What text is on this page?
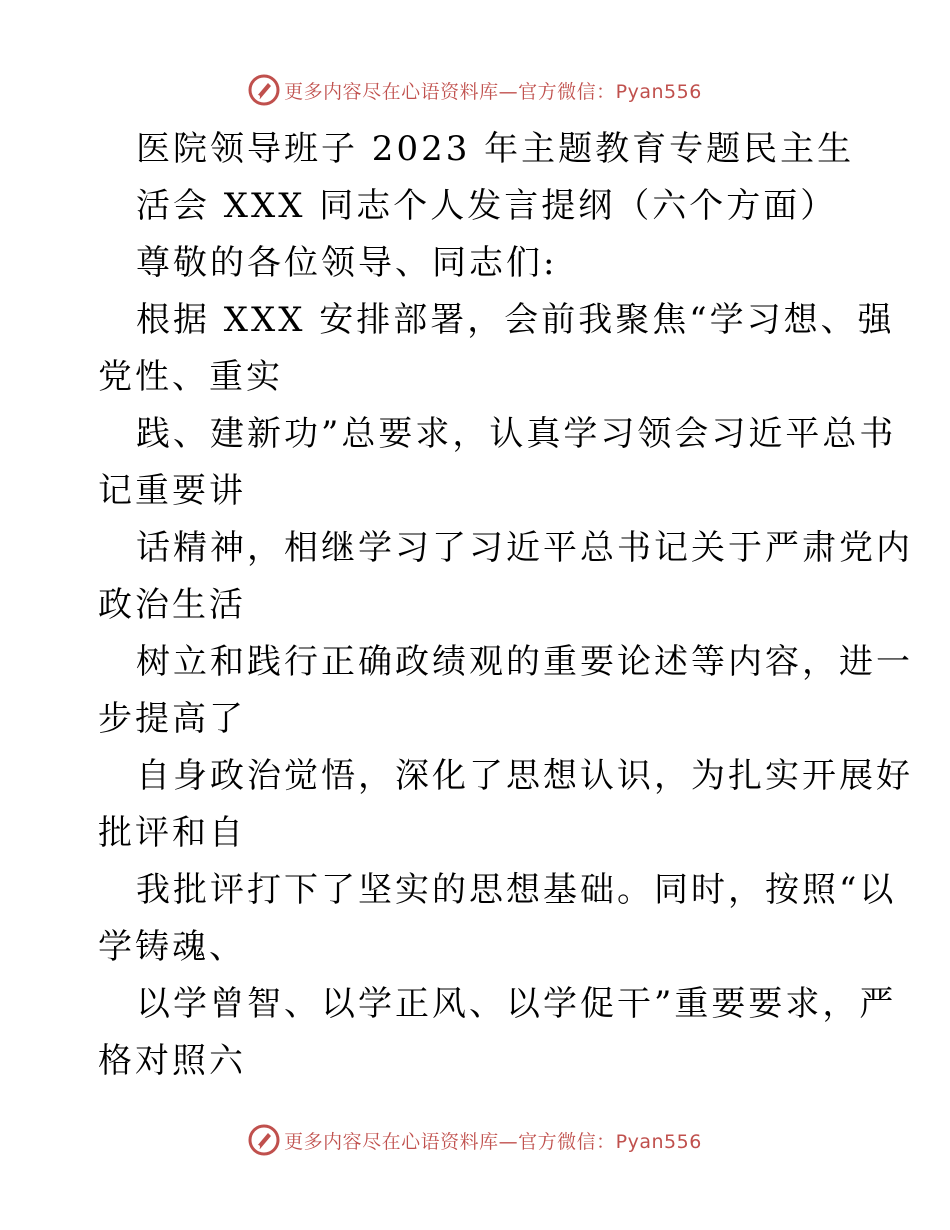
更多内容尽在心语资料库—官方微信：Pyan556
医院领导班子 2023 年主题教育专题民主生
活会 XXX 同志个人发言提纲（六个方面）
尊敬的各位领导、同志们:
根据 XXX 安排部署，会前我聚焦“学习想、强
党性、重实
践、建新功”总要求，认真学习领会习近平总书
记重要讲
话精神，相继学习了习近平总书记关于严肃党内
政治生活
树立和践行正确政绩观的重要论述等内容，进一
步提高了
自身政治觉悟，深化了思想认识，为扎实开展好
批评和自
我批评打下了坚实的思想基础。同时，按照“以
学铸魂、
以学曾智、以学正风、以学促干”重要要求，严
格对照六
更多内容尽在心语资料库—官方微信：Pyan556
